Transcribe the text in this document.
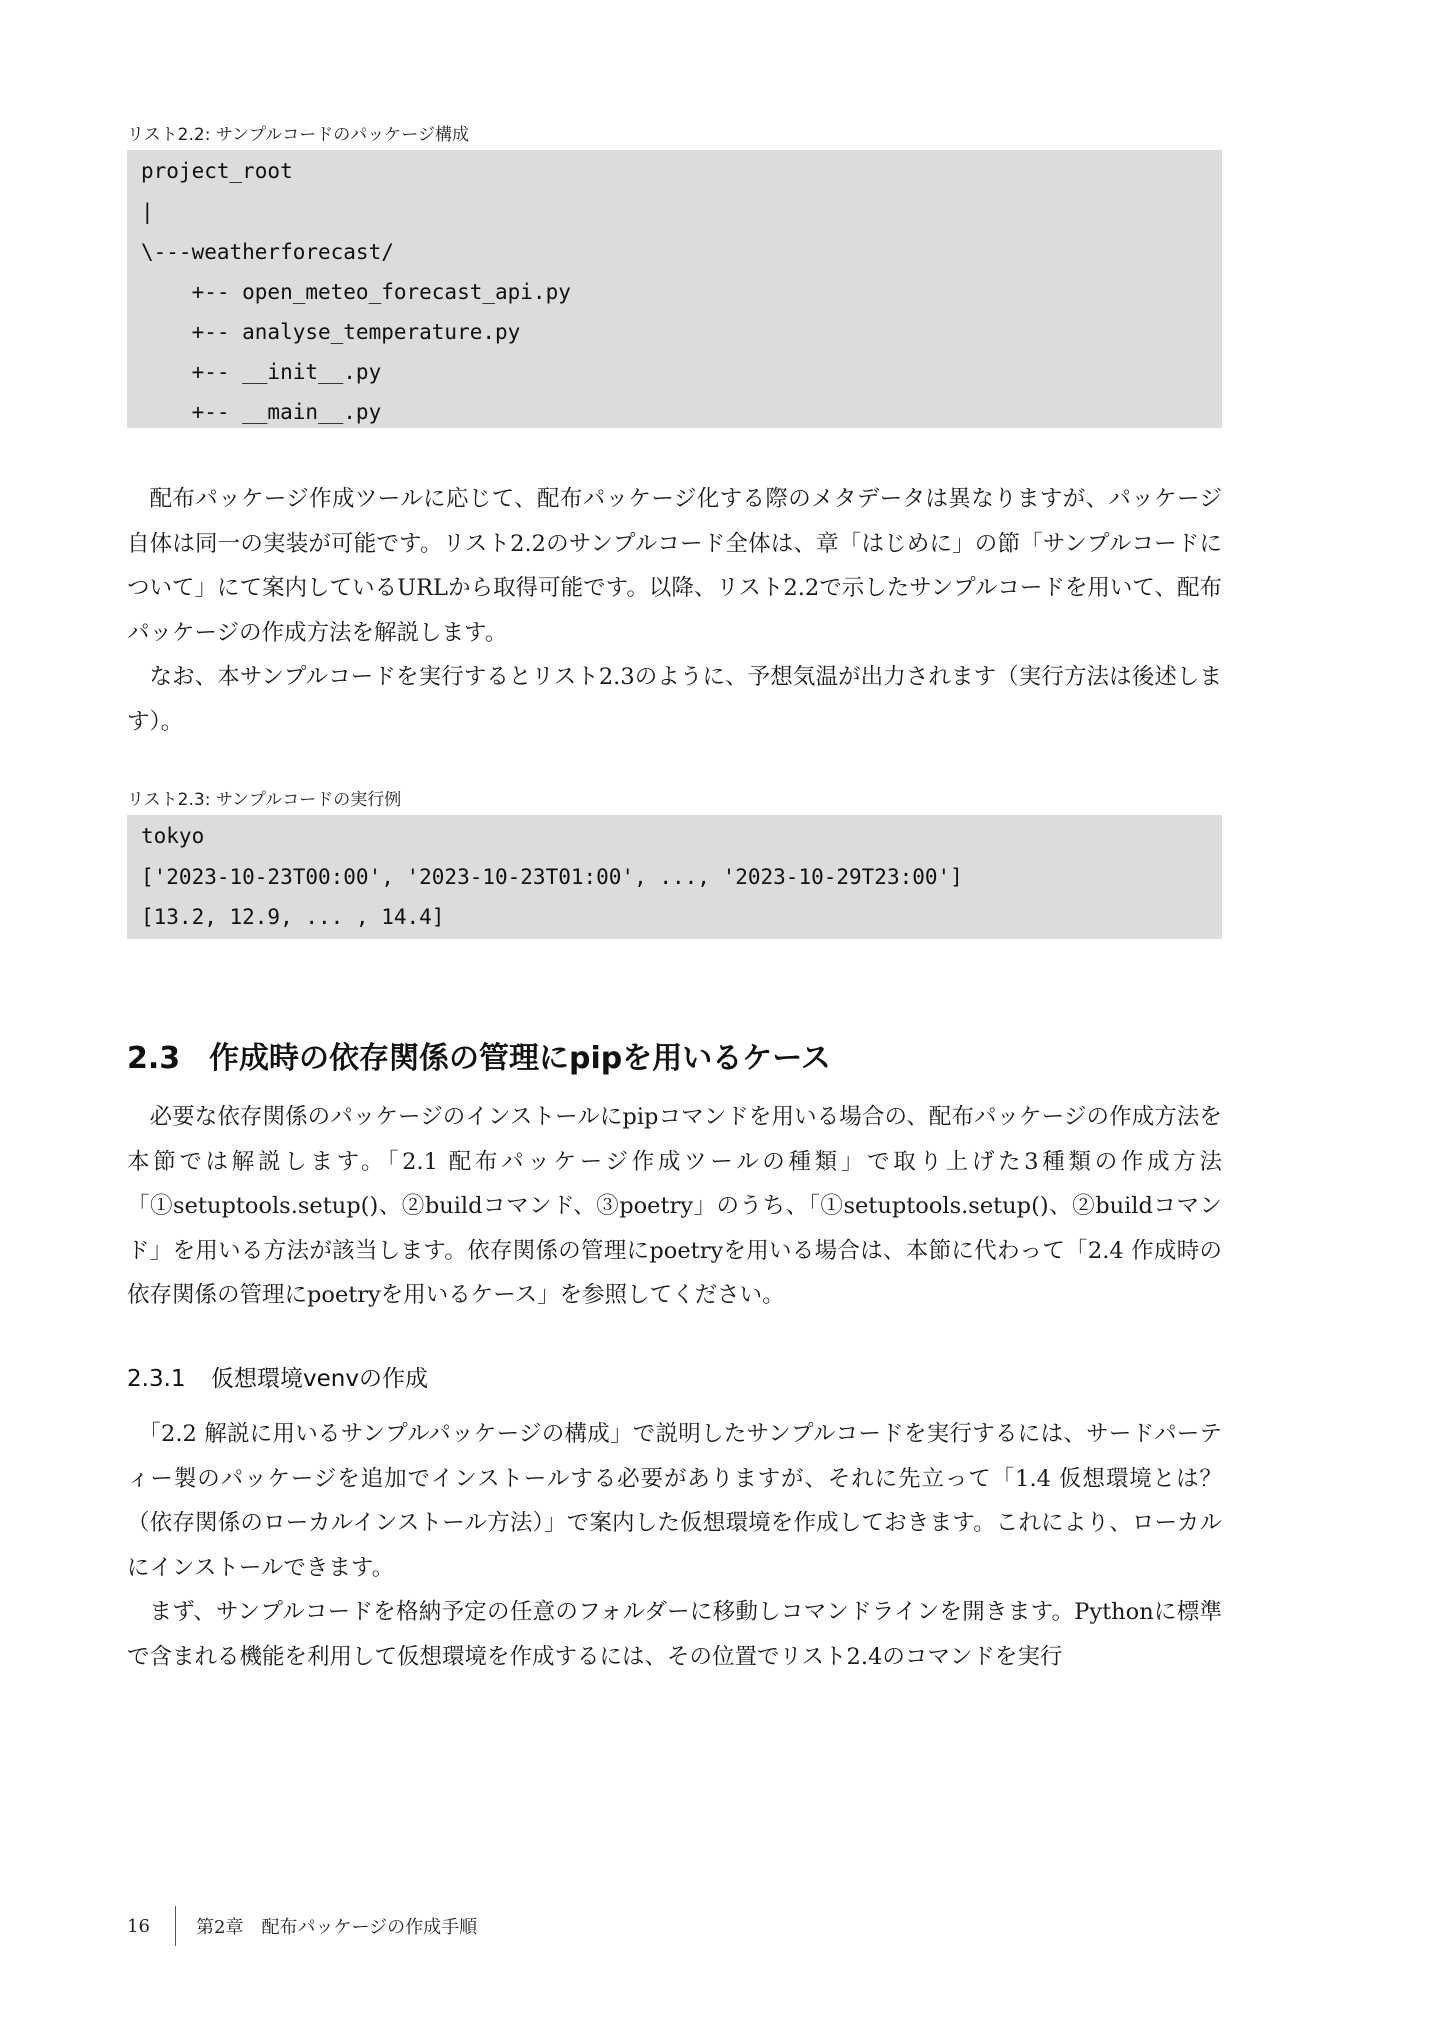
リスト2.2: サンプルコードのパッケージ構成
project_root
|
\---weatherforecast/
+-- open_meteo_forecast_api.py
+-- analyse_temperature.py
+-- __init__.py
+-- __main__.py

配布パッケージ作成ツールに応じて、配布パッケージ化する際のメタデータは異なりますが、パッケージ自体は同一の実装が可能です。リスト2.2のサンプルコード全体は、章「はじめに」の節「サンプルコードについて」にて案内しているURLから取得可能です。以降、リスト2.2で示したサンプルコードを用いて、配布パッケージの作成方法を解説します。

なお、本サンプルコードを実行するとリスト2.3のように、予想気温が出力されます（実行方法は後述します）。

リスト2.3: サンプルコードの実行例
tokyo
['2023-10-23T00:00', '2023-10-23T01:00', ..., '2023-10-29T23:00']
[13.2, 12.9, ... , 14.4]
2.3 作成時の依存関係の管理にpipを用いるケース

必要な依存関係のパッケージのインストールにpipコマンドを用いる場合の、配布パッケージの作成方法を本節では解説します。「2.1 配布パッケージ作成ツールの種類」で取り上げた3種類の作成方法「①setuptools.setup()、②buildコマンド、③poetry」のうち、「①setuptools.setup()、②buildコマンド」を用いる方法が該当します。依存関係の管理にpoetryを用いる場合は、本節に代わって「2.4 作成時の依存関係の管理にpoetryを用いるケース」を参照してください。

2.3.1 仮想環境venvの作成

「2.2 解説に用いるサンプルパッケージの構成」で説明したサンプルコードを実行するには、サードパーティー製のパッケージを追加でインストールする必要がありますが、それに先立って「1.4 仮想環境とは？（依存関係のローカルインストール方法）」で案内した仮想環境を作成しておきます。これにより、ローカルにインストールできます。

まず、サンプルコードを格納予定の任意のフォルダーに移動しコマンドラインを開きます。Pythonに標準で含まれる機能を利用して仮想環境を作成するには、その位置でリスト2.4のコマンドを実行

16	第2章　配布パッケージの作成手順
